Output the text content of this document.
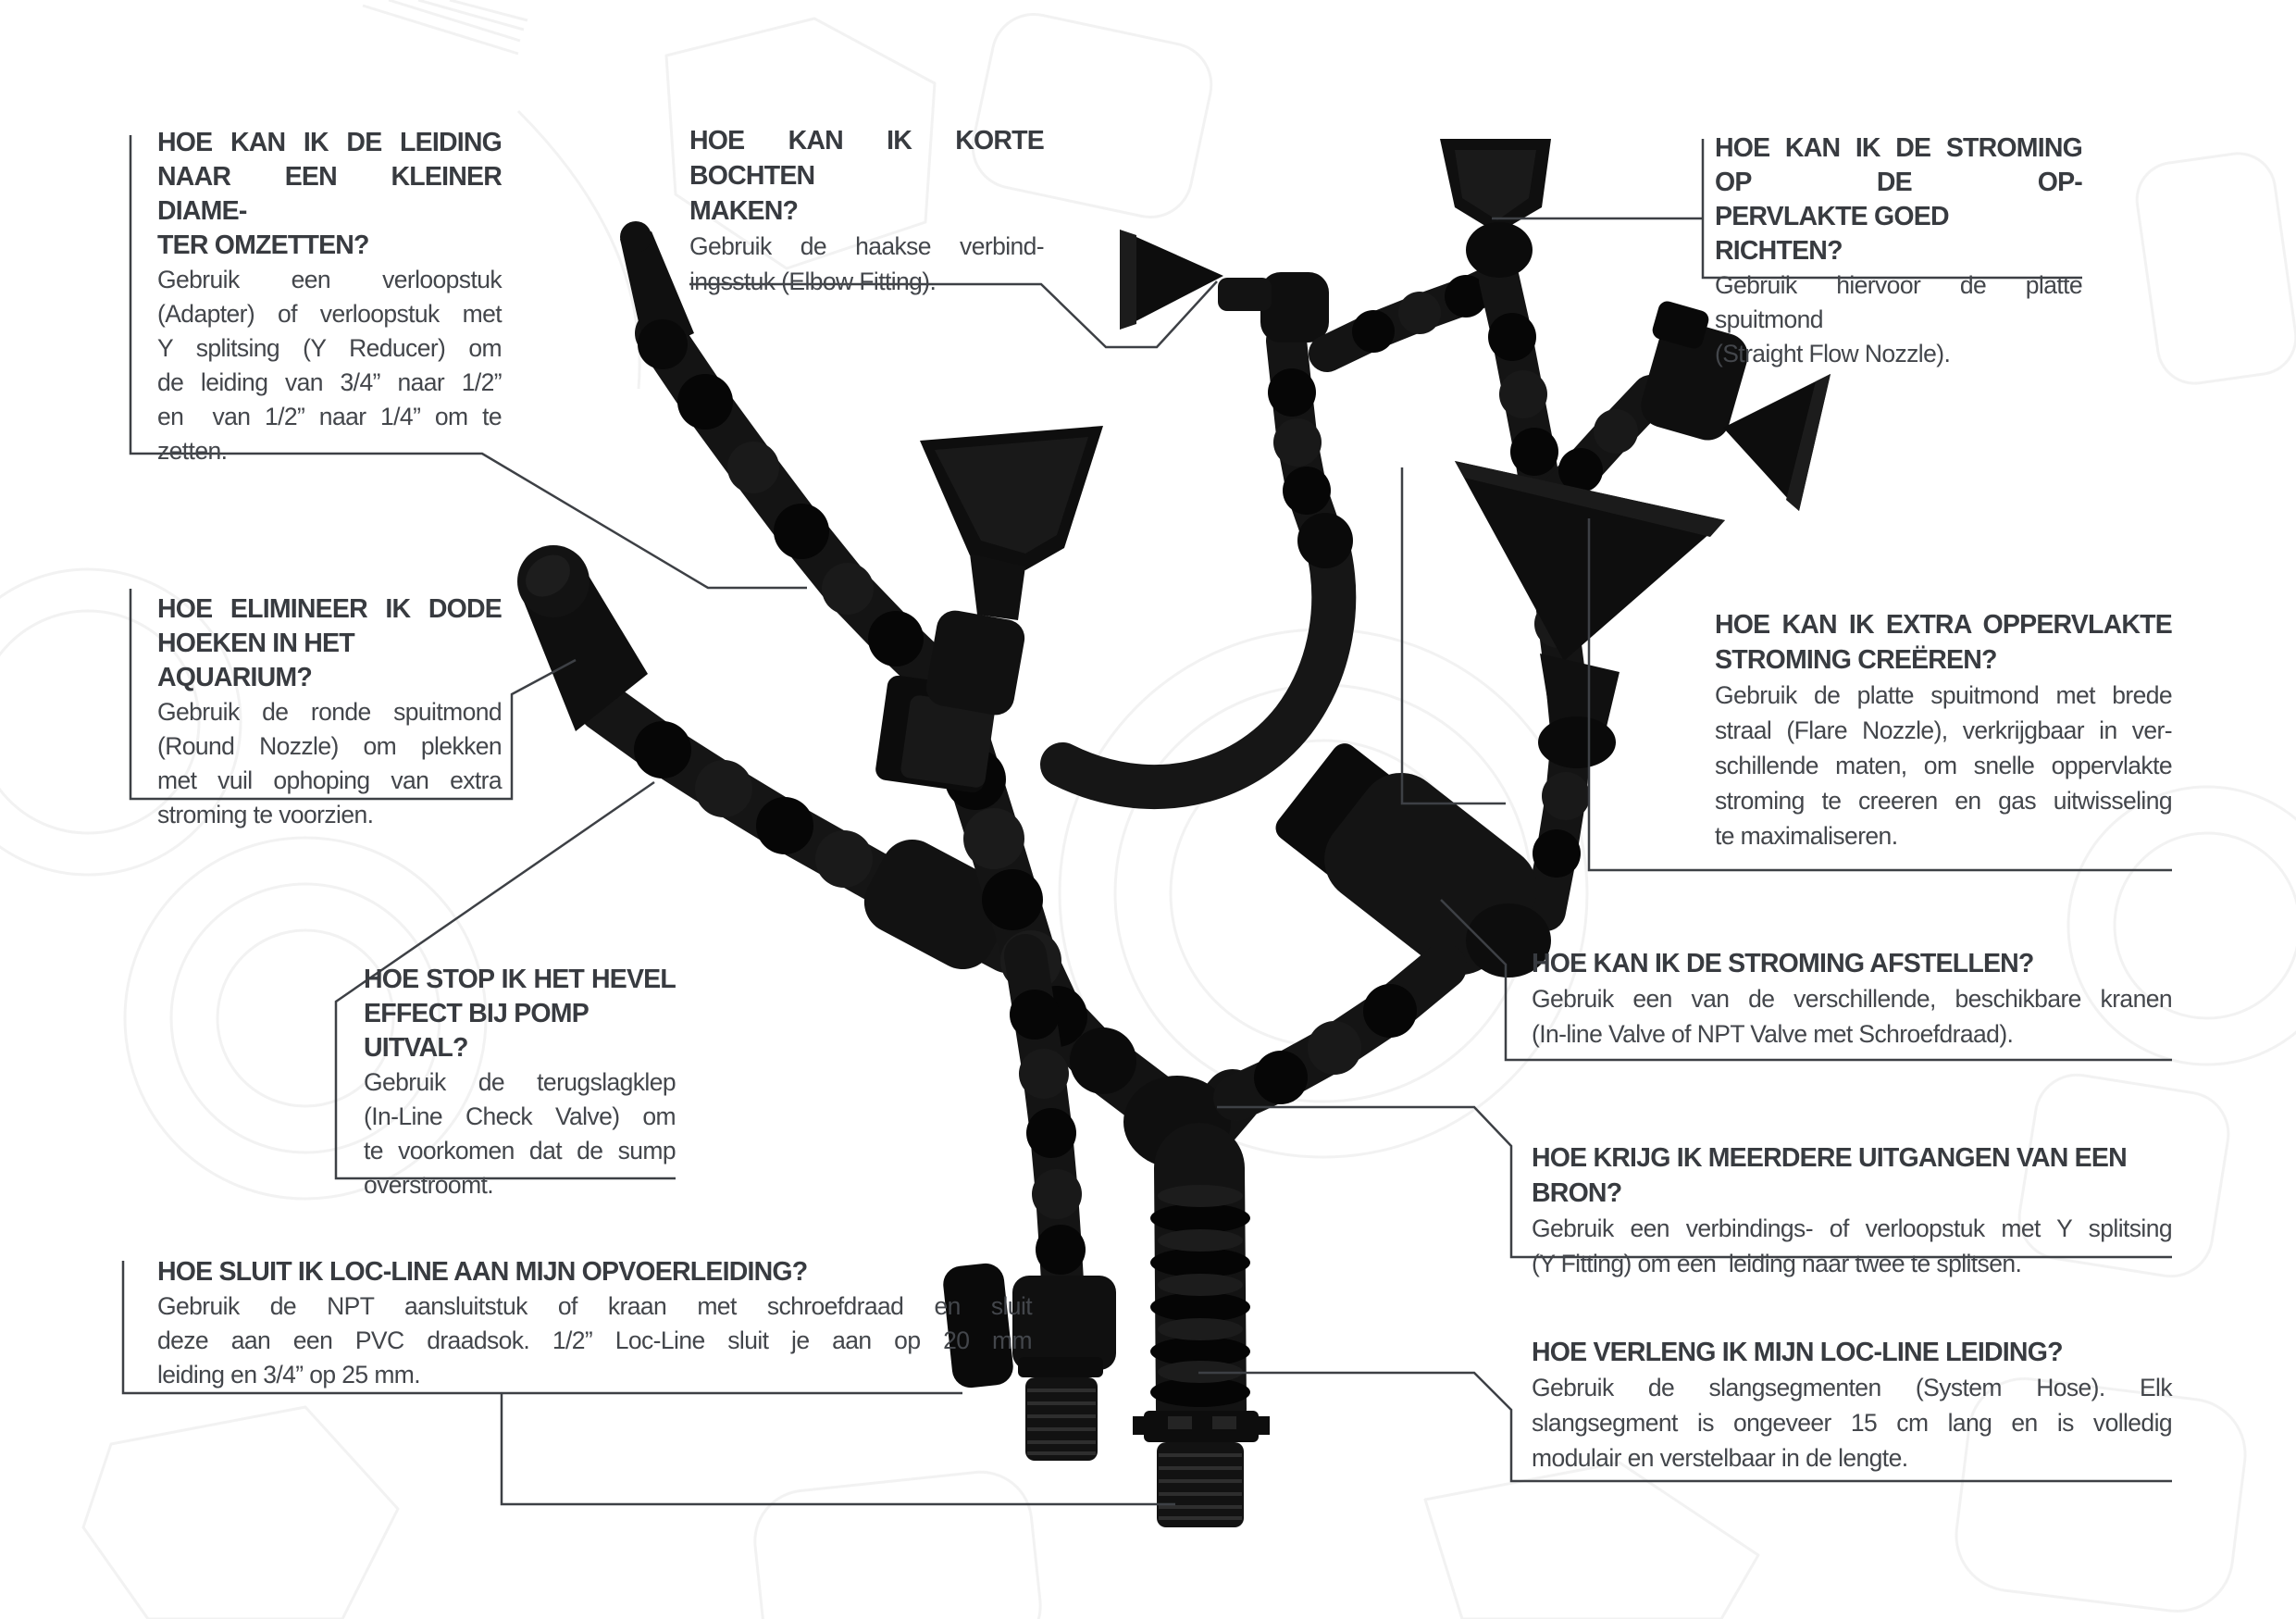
HOE KAN IK DE LEIDING
NAAR EEN KLEINER DIAME-
TER OMZETTEN?
Gebruik een verloopstuk
(Adapter) of verloopstuk met
Y splitsing (Y Reducer) om
de leiding van 3/4” naar 1/2”
en  van 1/2” naar 1/4” om te
zetten.
HOE KAN IK KORTE BOCHTEN
MAKEN?
Gebruik de haakse verbind-
ingsstuk (Elbow Fitting).
HOE KAN IK DE STROMING OP DE OP-
PERVLAKTE GOED RICHTEN?
Gebruik hiervoor de platte spuitmond
(Straight Flow Nozzle).
HOE ELIMINEER IK DODE
HOEKEN IN HET AQUARIUM?
Gebruik de ronde spuitmond
(Round Nozzle) om plekken
met vuil ophoping van extra
stroming te voorzien.
HOE STOP IK HET HEVEL
EFFECT BIJ POMP UITVAL?
Gebruik de terugslagklep
(In-Line Check Valve) om
te voorkomen dat de sump
overstroomt.
HOE KAN IK EXTRA OPPERVLAKTE
STROMING CREËREN?
Gebruik de platte spuitmond met brede
straal (Flare Nozzle), verkrijgbaar in ver-
schillende maten, om snelle oppervlakte
stroming te creeren en gas uitwisseling
te maximaliseren.
HOE SLUIT IK LOC-LINE AAN MIJN OPVOERLEIDING?
Gebruik de NPT aansluitstuk of kraan met schroefdraad en sluit
deze aan een PVC draadsok. 1/2” Loc-Line sluit je aan op 20 mm
leiding en 3/4” op 25 mm.
HOE KAN IK DE STROMING AFSTELLEN?
Gebruik een van de verschillende, beschikbare kranen
(In-line Valve of NPT Valve met Schroefdraad).
HOE KRIJG IK MEERDERE UITGANGEN VAN EEN BRON?
Gebruik een verbindings- of verloopstuk met Y splitsing
(Y Fitting) om een  leiding naar twee te splitsen.
HOE VERLENG IK MIJN LOC-LINE LEIDING?
Gebruik de slangsegmenten (System Hose). Elk
slangsegment is ongeveer 15 cm lang en is volledig
modulair en verstelbaar in de lengte.
